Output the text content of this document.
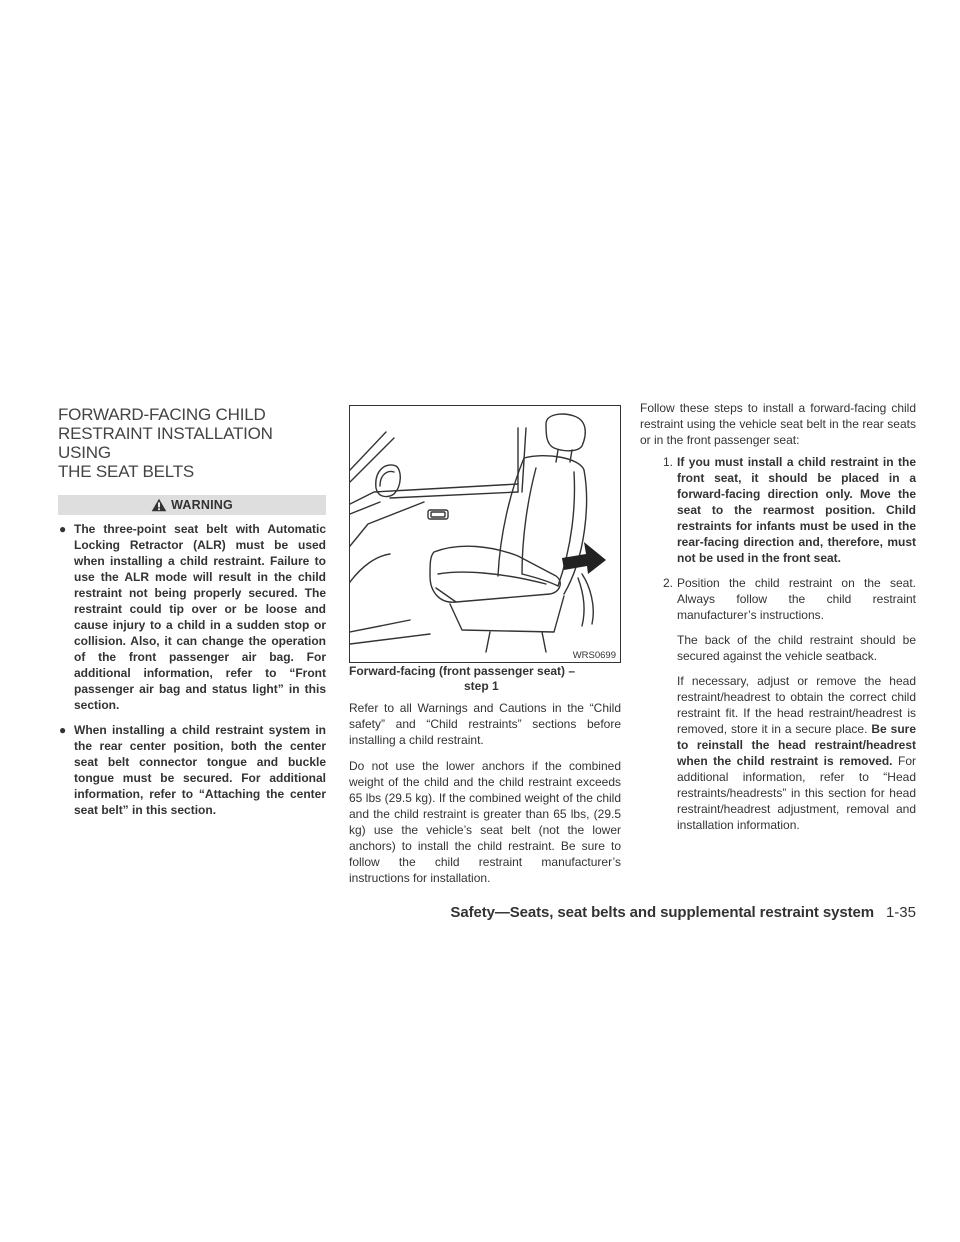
FORWARD-FACING CHILD
RESTRAINT INSTALLATION USING
THE SEAT BELTS
WARNING
● The three-point seat belt with Automatic Locking Retractor (ALR) must be used when installing a child restraint. Failure to use the ALR mode will result in the child restraint not being properly secured. The restraint could tip over or be loose and cause injury to a child in a sudden stop or collision. Also, it can change the operation of the front passenger air bag. For additional information, refer to “Front passenger air bag and status light” in this section.
● When installing a child restraint system in the rear center position, both the center seat belt connector tongue and buckle tongue must be secured. For additional information, refer to “Attaching the center seat belt” in this section.
WRS0699
Forward-facing (front passenger seat) –
step 1

Refer to all Warnings and Cautions in the “Child safety” and “Child restraints” sections before installing a child restraint.

Do not use the lower anchors if the combined weight of the child and the child restraint exceeds 65 lbs (29.5 kg). If the combined weight of the child and the child restraint is greater than 65 lbs, (29.5 kg) use the vehicle’s seat belt (not the lower anchors) to install the child restraint. Be sure to follow the child restraint manufacturer’s instructions for installation.

Follow these steps to install a forward-facing child restraint using the vehicle seat belt in the rear seats or in the front passenger seat:

1. If you must install a child restraint in the front seat, it should be placed in a forward-facing direction only. Move the seat to the rearmost position. Child restraints for infants must be used in the rear-facing direction and, therefore, must not be used in the front seat.
2. Position the child restraint on the seat. Always follow the child restraint manufacturer’s instructions.

The back of the child restraint should be secured against the vehicle seatback.

If necessary, adjust or remove the head restraint/headrest to obtain the correct child restraint fit. If the head restraint/headrest is removed, store it in a secure place. Be sure to reinstall the head restraint/headrest when the child restraint is removed. For additional information, refer to “Head restraints/headrests” in this section for head restraint/headrest adjustment, removal and installation information.

Safety—Seats, seat belts and supplemental restraint system 1-35
